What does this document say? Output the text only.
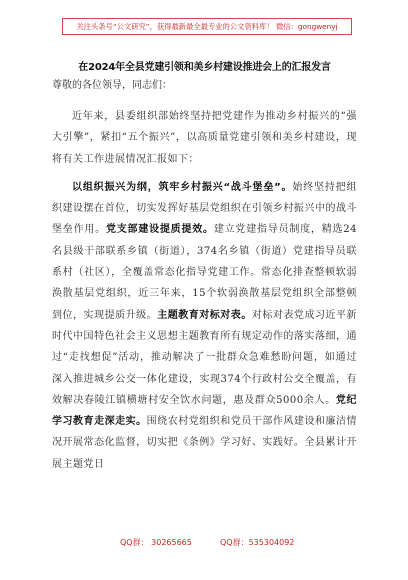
关注头条号“公文研究”，获得最新最全最专业的公文资料库！ 微信：gongwenyj
在2024年全县党建引领和美乡村建设推进会上的汇报发言
尊敬的各位领导，同志们：

近年来，县委组织部始终坚持把党建作为推动乡村振兴的“强大引擎”，紧扣“五个振兴”，以高质量党建引领和美乡村建设，现将有关工作进展情况汇报如下：

以组织振兴为纲，筑牢乡村振兴“战斗堡垒”。始终坚持把组织建设摆在首位，切实发挥好基层党组织在引领乡村振兴中的战斗堡垒作用。党支部建设提质提效。建立党建指导员制度，精选24名县级干部联系乡镇（街道），374名乡镇（街道）党建指导员联系村（社区），全覆盖常态化指导党建工作。常态化排查整顿软弱涣散基层党组织，近三年来，15个软弱涣散基层党组织全部整顿到位，实现提质升级。主题教育对标对表。对标对表党成习近平新时代中国特色社会主义思想主题教育所有规定动作的落实落细，通过“走找想促”活动，推动解决了一批群众急难愁盼问题，如通过深入推进城乡公交一体化建设，实现374个行政村公交全覆盖，有效解决春陵江镇横塘村安全饮水问题，惠及群众5000余人。党纪学习教育走深走实。围绕农村党组织和党员干部作风建设和廉洁情况开展常态化监督，切实把《条例》学习好、实践好。全县累计开展主题党日

QQ群： 30265665	QQ群：535304092
